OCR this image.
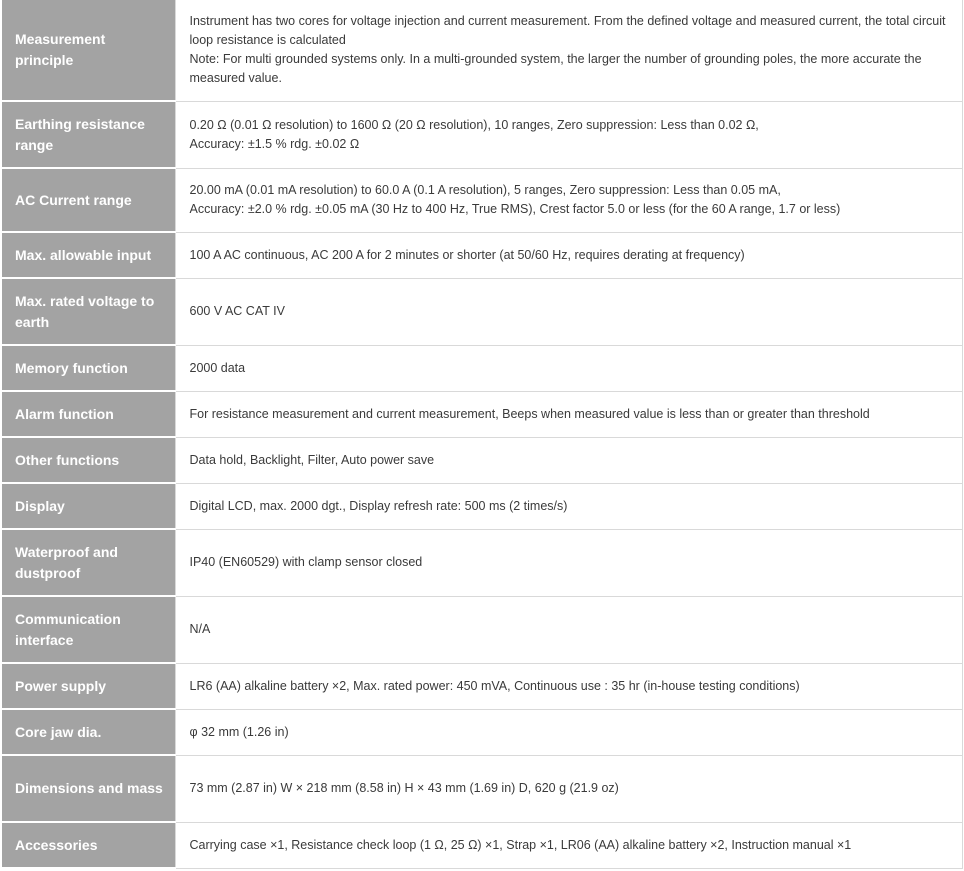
Measurement principle	Instrument has two cores for voltage injection and current measurement. From the defined voltage and measured current, the total circuit loop resistance is calculated
Note: For multi grounded systems only. In a multi-grounded system, the larger the number of grounding poles, the more accurate the measured value.
Earthing resistance range	0.20 Ω (0.01 Ω resolution) to 1600 Ω (20 Ω resolution), 10 ranges, Zero suppression: Less than 0.02 Ω,
Accuracy: ±1.5 % rdg. ±0.02 Ω
AC Current range	20.00 mA (0.01 mA resolution) to 60.0 A (0.1 A resolution), 5 ranges, Zero suppression: Less than 0.05 mA,
Accuracy: ±2.0 % rdg. ±0.05 mA (30 Hz to 400 Hz, True RMS), Crest factor 5.0 or less (for the 60 A range, 1.7 or less)
Max. allowable input	100 A AC continuous, AC 200 A for 2 minutes or shorter (at 50/60 Hz, requires derating at frequency)
Max. rated voltage to earth	600 V AC CAT IV
Memory function	2000 data
Alarm function	For resistance measurement and current measurement, Beeps when measured value is less than or greater than threshold
Other functions	Data hold, Backlight, Filter, Auto power save
Display	Digital LCD, max. 2000 dgt., Display refresh rate: 500 ms (2 times/s)
Waterproof and dustproof	IP40 (EN60529) with clamp sensor closed
Communication interface	N/A
Power supply	LR6 (AA) alkaline battery ×2, Max. rated power: 450 mVA, Continuous use : 35 hr (in-house testing conditions)
Core jaw dia.	φ 32 mm (1.26 in)
Dimensions and mass	73 mm (2.87 in) W × 218 mm (8.58 in) H × 43 mm (1.69 in) D, 620 g (21.9 oz)
Accessories	Carrying case ×1, Resistance check loop (1 Ω, 25 Ω) ×1, Strap ×1, LR06 (AA) alkaline battery ×2, Instruction manual ×1
